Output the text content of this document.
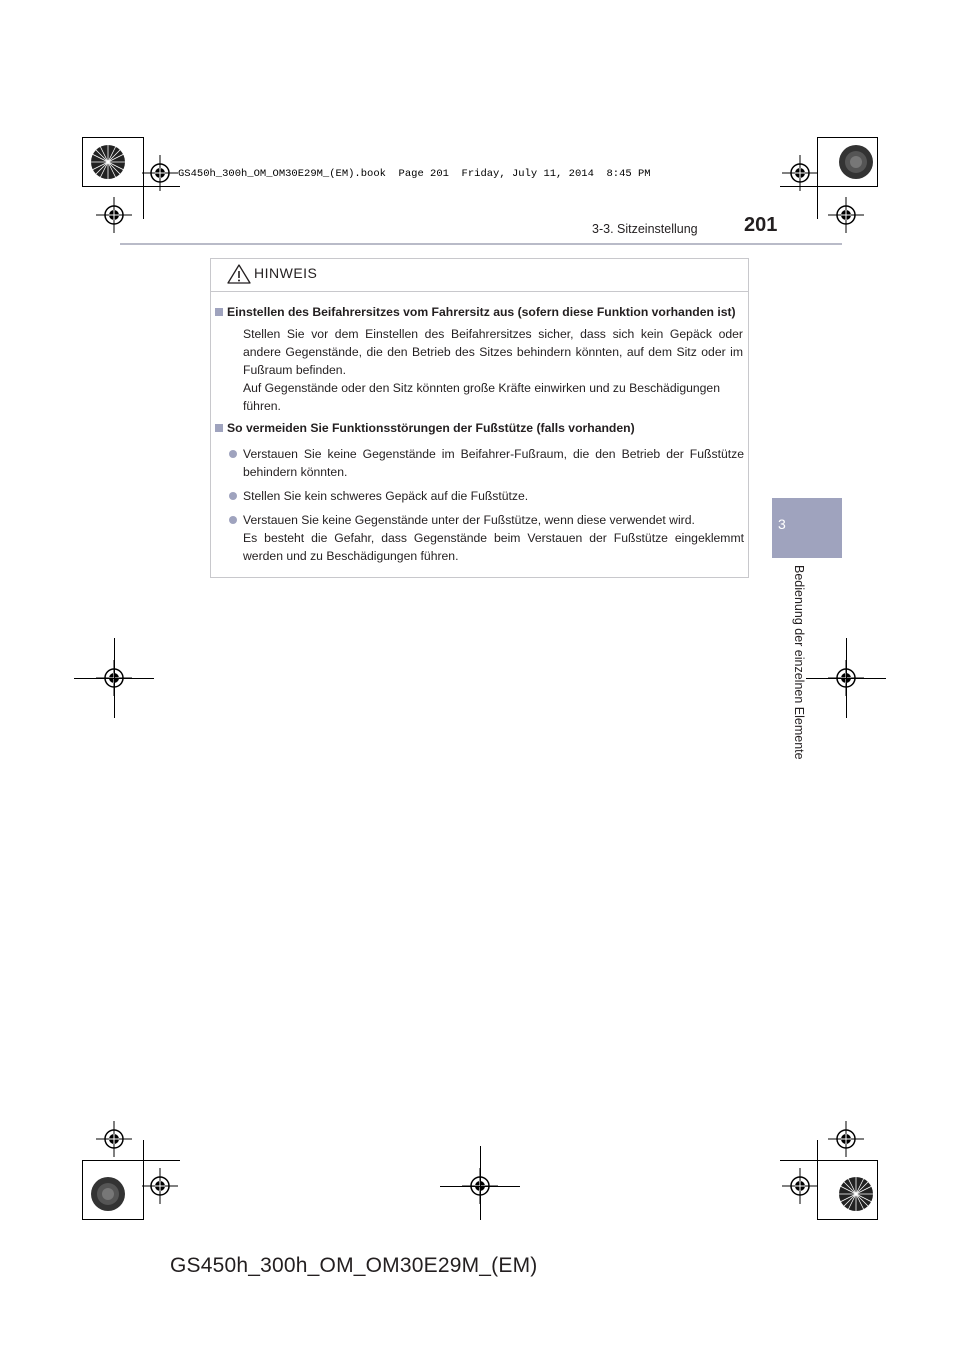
GS450h_300h_OM_OM30E29M_(EM).book  Page 201  Friday, July 11, 2014  8:45 PM
3-3. Sitzeinstellung 201
3
Bedienung der einzelnen Elemente
HINWEIS
Einstellen des Beifahrersitzes vom Fahrersitz aus (sofern diese Funktion vorhanden ist)
Stellen Sie vor dem Einstellen des Beifahrersitzes sicher, dass sich kein Gepäck oder
andere Gegenstände, die den Betrieb des Sitzes behindern könnten, auf dem Sitz oder im
Fußraum befinden.
Auf Gegenstände oder den Sitz könnten große Kräfte einwirken und zu Beschädigungen
führen.
So vermeiden Sie Funktionsstörungen der Fußstütze (falls vorhanden)
Verstauen Sie keine Gegenstände im Beifahrer-Fußraum, die den Betrieb der Fußstütze
behindern könnten.
Stellen Sie kein schweres Gepäck auf die Fußstütze.
Verstauen Sie keine Gegenstände unter der Fußstütze, wenn diese verwendet wird.
Es besteht die Gefahr, dass Gegenstände beim Verstauen der Fußstütze eingeklemmt
werden und zu Beschädigungen führen.
GS450h_300h_OM_OM30E29M_(EM)
